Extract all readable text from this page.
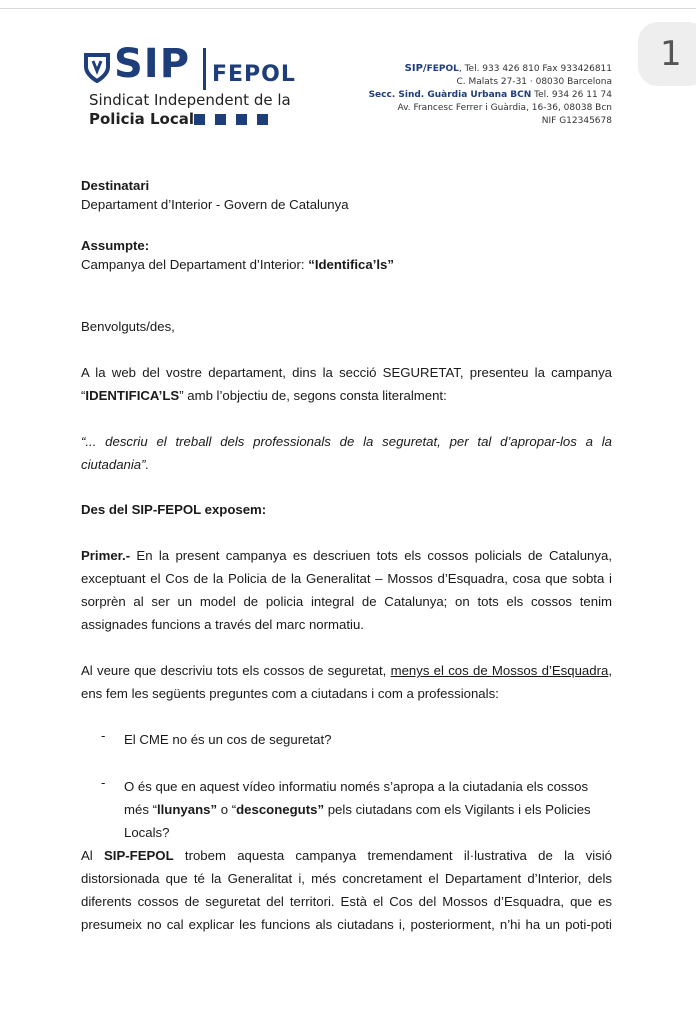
1
SIP FEPOL
Sindicat Independent de la
Policia Local
SIP/FEPOL, Tel. 933 426 810 Fax 933426811
C. Malats 27-31 · 08030 Barcelona
Secc. Sind. Guàrdia Urbana BCN Tel. 934 26 11 74
Av. Francesc Ferrer i Guàrdia, 16-36, 08038 Bcn
NIF G12345678
Destinatari
Departament d’Interior - Govern de Catalunya
Assumpte:
Campanya del Departament d’Interior: “Identifica’ls”
Benvolguts/des,
A la web del vostre departament, dins la secció SEGURETAT, presenteu la campanya “IDENTIFICA’LS” amb l’objectiu de, segons consta literalment:
“... descriu el treball dels professionals de la seguretat, per tal d’apropar-los a la ciutadania”.
Des del SIP-FEPOL exposem:
Primer.- En la present campanya es descriuen tots els cossos policials de Catalunya, exceptuant el Cos de la Policia de la Generalitat – Mossos d’Esquadra, cosa que sobta i sorprèn al ser un model de policia integral de Catalunya; on tots els cossos tenim assignades funcions a través del marc normatiu.
Al veure que descriviu tots els cossos de seguretat, menys el cos de Mossos d’Esquadra, ens fem les següents preguntes com a ciutadans i com a professionals:
- El CME no és un cos de seguretat?
- O és que en aquest vídeo informatiu només s’apropa a la ciutadania els cossos més “llunyans” o “desconeguts” pels ciutadans com els Vigilants i els Policies Locals?
Al SIP-FEPOL trobem aquesta campanya tremendament il·lustrativa de la visió distorsionada que té la Generalitat i, més concretament el Departament d’Interior, dels diferents cossos de seguretat del territori. Està el Cos del Mossos d’Esquadra, que es presumeix no cal explicar les funcions als ciutadans i, posteriorment, n’hi ha un poti-poti
